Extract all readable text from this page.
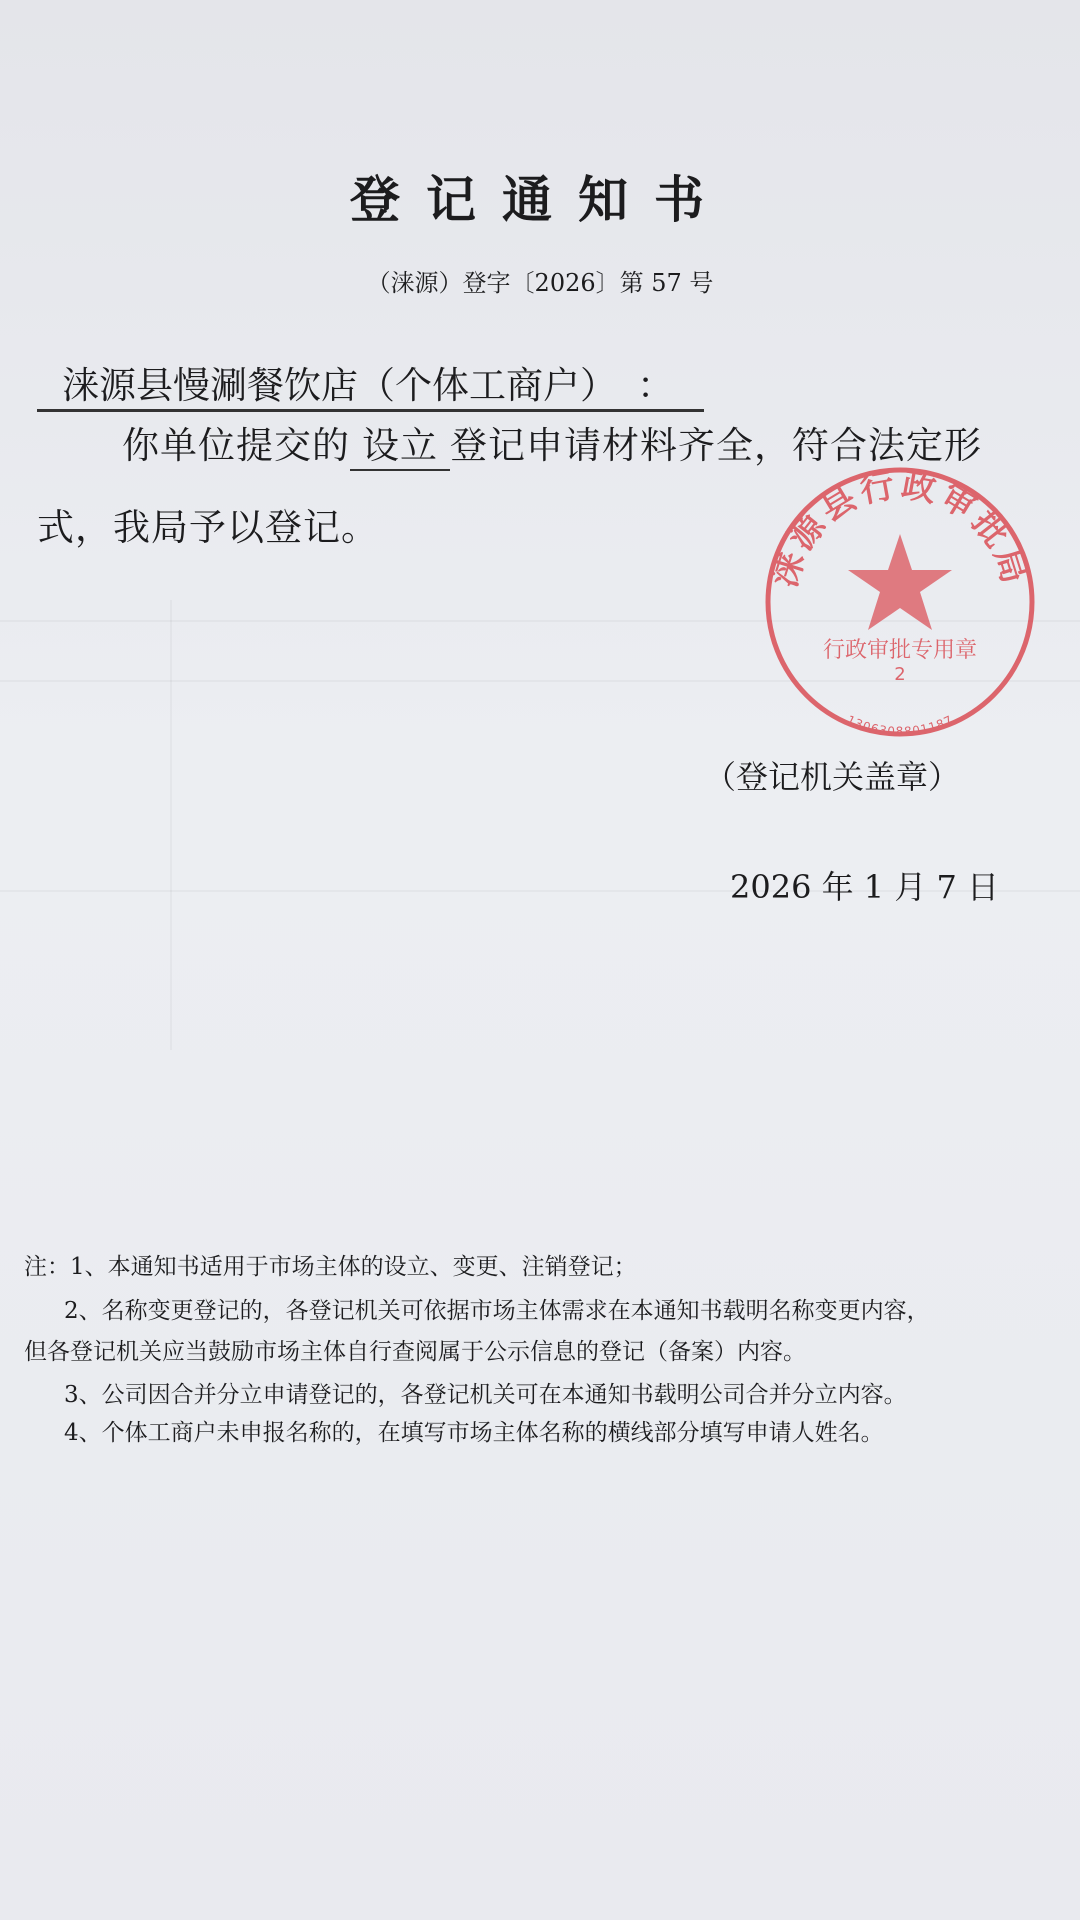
登记通知书
（涞源）登字〔2026〕第 57 号
涞源县慢涮餐饮店（个体工商户） ：
你单位提交的 设立 登记申请材料齐全，符合法定形
式，我局予以登记。
涞源县行政审批局
行政审批专用章
2
1306308801187
（登记机关盖章）
2026 年 1 月 7 日
注：1、本通知书适用于市场主体的设立、变更、注销登记；
2、名称变更登记的，各登记机关可依据市场主体需求在本通知书载明名称变更内容，
但各登记机关应当鼓励市场主体自行查阅属于公示信息的登记（备案）内容。
3、公司因合并分立申请登记的，各登记机关可在本通知书载明公司合并分立内容。
4、个体工商户未申报名称的，在填写市场主体名称的横线部分填写申请人姓名。
